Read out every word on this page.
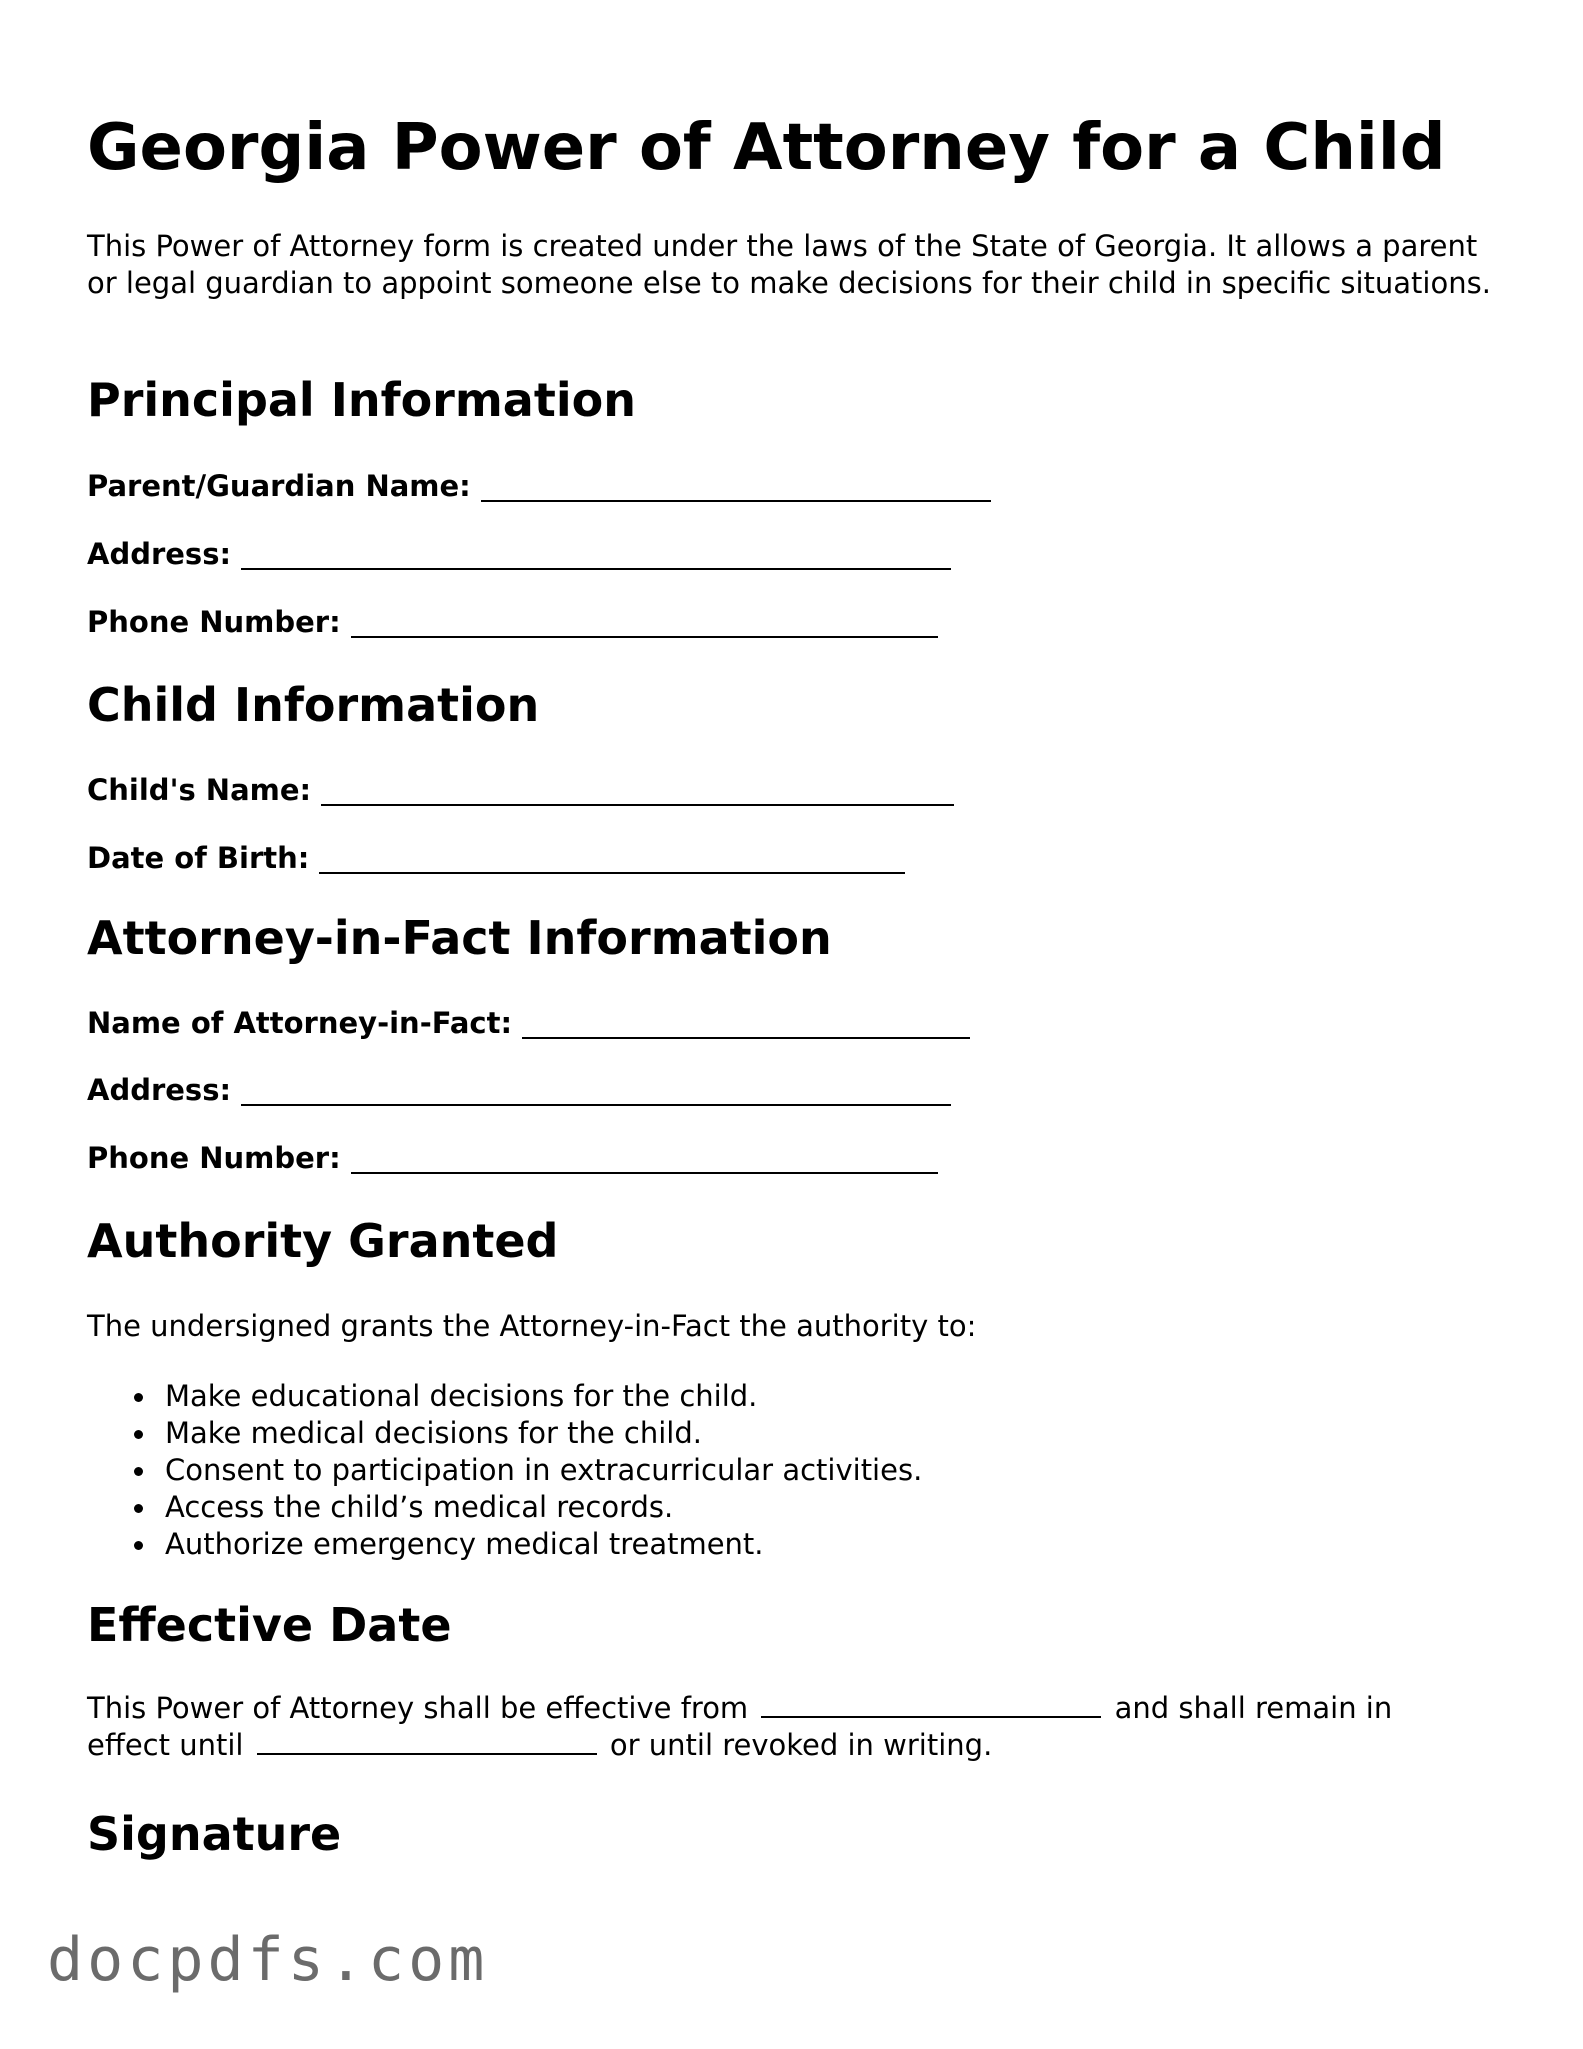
Georgia Power of Attorney for a Child
This Power of Attorney form is created under the laws of the State of Georgia. It allows a parent or legal guardian to appoint someone else to make decisions for their child in specific situations.
Principal Information
Parent/Guardian Name:
Address:
Phone Number:
Child Information
Child's Name:
Date of Birth:
Attorney-in-Fact Information
Name of Attorney-in-Fact:
Address:
Phone Number:
Authority Granted
The undersigned grants the Attorney-in-Fact the authority to:
Make educational decisions for the child.
Make medical decisions for the child.
Consent to participation in extracurricular activities.
Access the child’s medical records.
Authorize emergency medical treatment.
Effective Date
This Power of Attorney shall be effective from	and shall remain in
effect until	or until revoked in writing.
Signature
docpdfs.com
